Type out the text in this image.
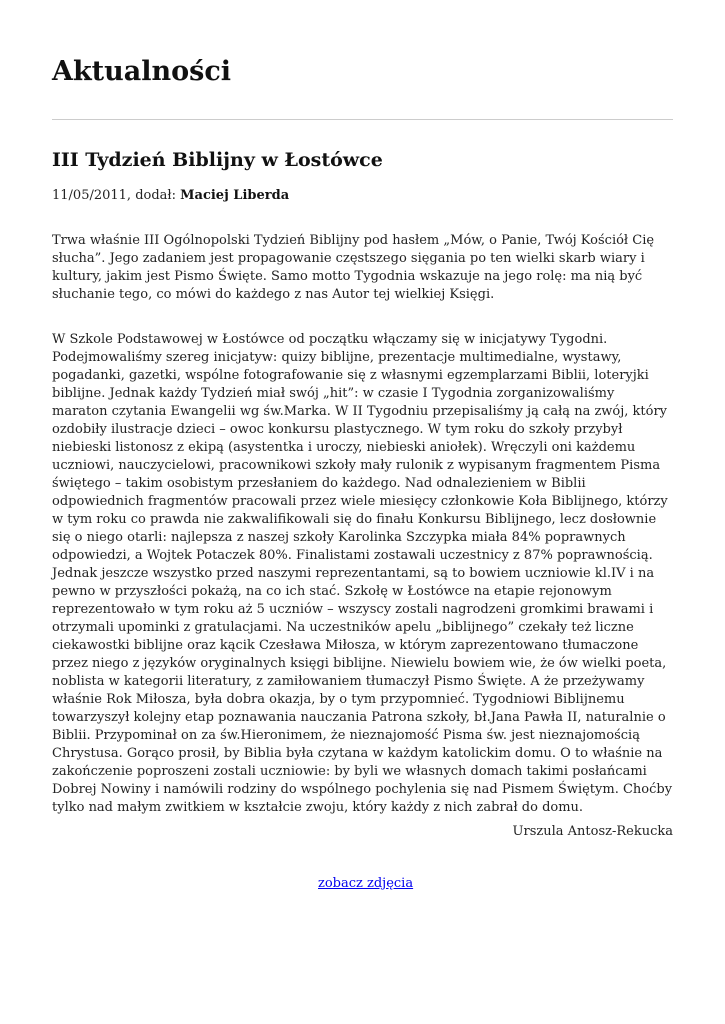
Aktualności
III Tydzień Biblijny w Łostówce
11/05/2011, dodał: Maciej Liberda

Trwa właśnie III Ogólnopolski Tydzień Biblijny pod hasłem „Mów, o Panie, Twój Kościół Cię słucha”. Jego zadaniem jest propagowanie częstszego sięgania po ten wielki skarb wiary i kultury, jakim jest Pismo Święte. Samo motto Tygodnia wskazuje na jego rolę: ma nią być słuchanie tego, co mówi do każdego z nas Autor tej wielkiej Księgi.

W Szkole Podstawowej w Łostówce od początku włączamy się w inicjatywy Tygodni. Podejmowaliśmy szereg inicjatyw: quizy biblijne, prezentacje multimedialne, wystawy, pogadanki, gazetki, wspólne fotografowanie się z własnymi egzemplarzami Biblii, loteryjki biblijne. Jednak każdy Tydzień miał swój „hit”: w czasie I Tygodnia zorganizowaliśmy maraton czytania Ewangelii wg św.Marka. W II Tygodniu przepisaliśmy ją całą na zwój, który ozdobiły ilustracje dzieci – owoc konkursu plastycznego. W tym roku do szkoły przybył niebieski listonosz z ekipą (asystentka i uroczy, niebieski aniołek). Wręczyli oni każdemu uczniowi, nauczycielowi, pracownikowi szkoły mały rulonik z wypisanym fragmentem Pisma świętego – takim osobistym przesłaniem do każdego. Nad odnalezieniem w Biblii odpowiednich fragmentów pracowali przez wiele miesięcy członkowie Koła Biblijnego, którzy w tym roku co prawda nie zakwalifikowali się do finału Konkursu Biblijnego, lecz dosłownie się o niego otarli: najlepsza z naszej szkoły Karolinka Szczypka miała 84% poprawnych odpowiedzi, a Wojtek Potaczek 80%. Finalistami zostawali uczestnicy z 87% poprawnością. Jednak jeszcze wszystko przed naszymi reprezentantami, są to bowiem uczniowie kl.IV i na pewno w przyszłości pokażą, na co ich stać. Szkołę w Łostówce na etapie rejonowym reprezentowało w tym roku aż 5 uczniów – wszyscy zostali nagrodzeni gromkimi brawami i otrzymali upominki z gratulacjami. Na uczestników apelu „biblijnego” czekały też liczne ciekawostki biblijne oraz kącik Czesława Miłosza, w którym zaprezentowano tłumaczone przez niego z języków oryginalnych księgi biblijne. Niewielu bowiem wie, że ów wielki poeta, noblista w kategorii literatury, z zamiłowaniem tłumaczył Pismo Święte. A że przeżywamy właśnie Rok Miłosza, była dobra okazja, by o tym przypomnieć. Tygodniowi Biblijnemu towarzyszył kolejny etap poznawania nauczania Patrona szkoły, bł.Jana Pawła II, naturalnie o Biblii. Przypominał on za św.Hieronimem, że nieznajomość Pisma św. jest nieznajomością Chrystusa. Gorąco prosił, by Biblia była czytana w każdym katolickim domu. O to właśnie na zakończenie poproszeni zostali uczniowie: by byli we własnych domach takimi posłańcami Dobrej Nowiny i namówili rodziny do wspólnego pochylenia się nad Pismem Świętym. Choćby tylko nad małym zwitkiem w kształcie zwoju, który każdy z nich zabrał do domu.

Urszula Antosz-Rekucka
zobacz zdjęcia
